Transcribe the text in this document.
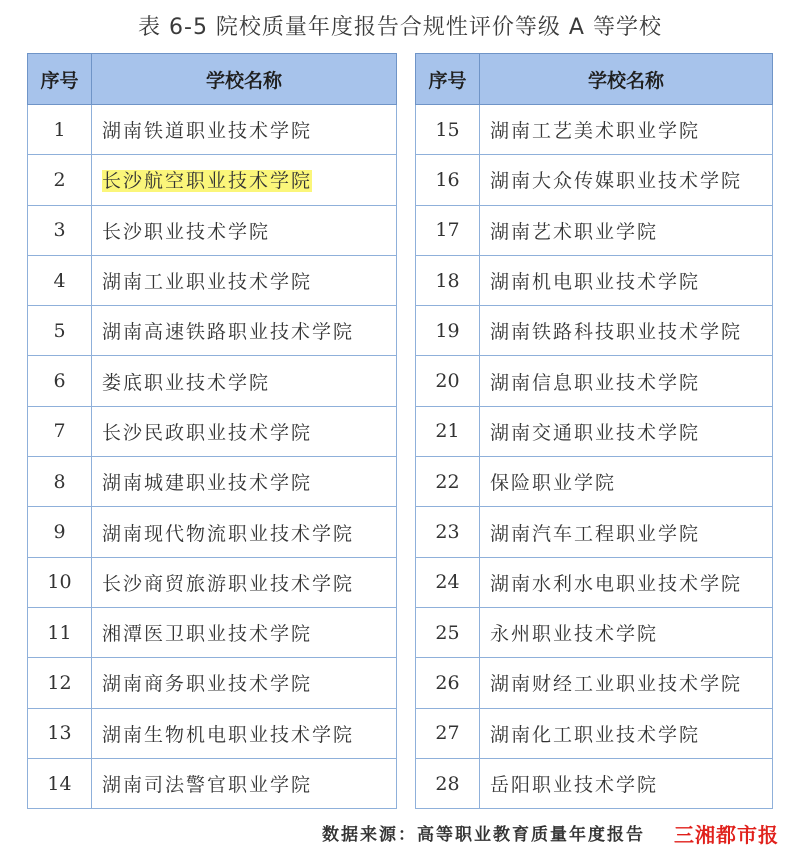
表 6-5 院校质量年度报告合规性评价等级 A 等学校
序号	学校名称
1	湖南铁道职业技术学院
2	长沙航空职业技术学院
3	长沙职业技术学院
4	湖南工业职业技术学院
5	湖南高速铁路职业技术学院
6	娄底职业技术学院
7	长沙民政职业技术学院
8	湖南城建职业技术学院
9	湖南现代物流职业技术学院
10	长沙商贸旅游职业技术学院
11	湘潭医卫职业技术学院
12	湖南商务职业技术学院
13	湖南生物机电职业技术学院
14	湖南司法警官职业学院
序号	学校名称
15	湖南工艺美术职业学院
16	湖南大众传媒职业技术学院
17	湖南艺术职业学院
18	湖南机电职业技术学院
19	湖南铁路科技职业技术学院
20	湖南信息职业技术学院
21	湖南交通职业技术学院
22	保险职业学院
23	湖南汽车工程职业学院
24	湖南水利水电职业技术学院
25	永州职业技术学院
26	湖南财经工业职业技术学院
27	湖南化工职业技术学院
28	岳阳职业技术学院
数据来源：高等职业教育质量年度报告 三湘都市报
